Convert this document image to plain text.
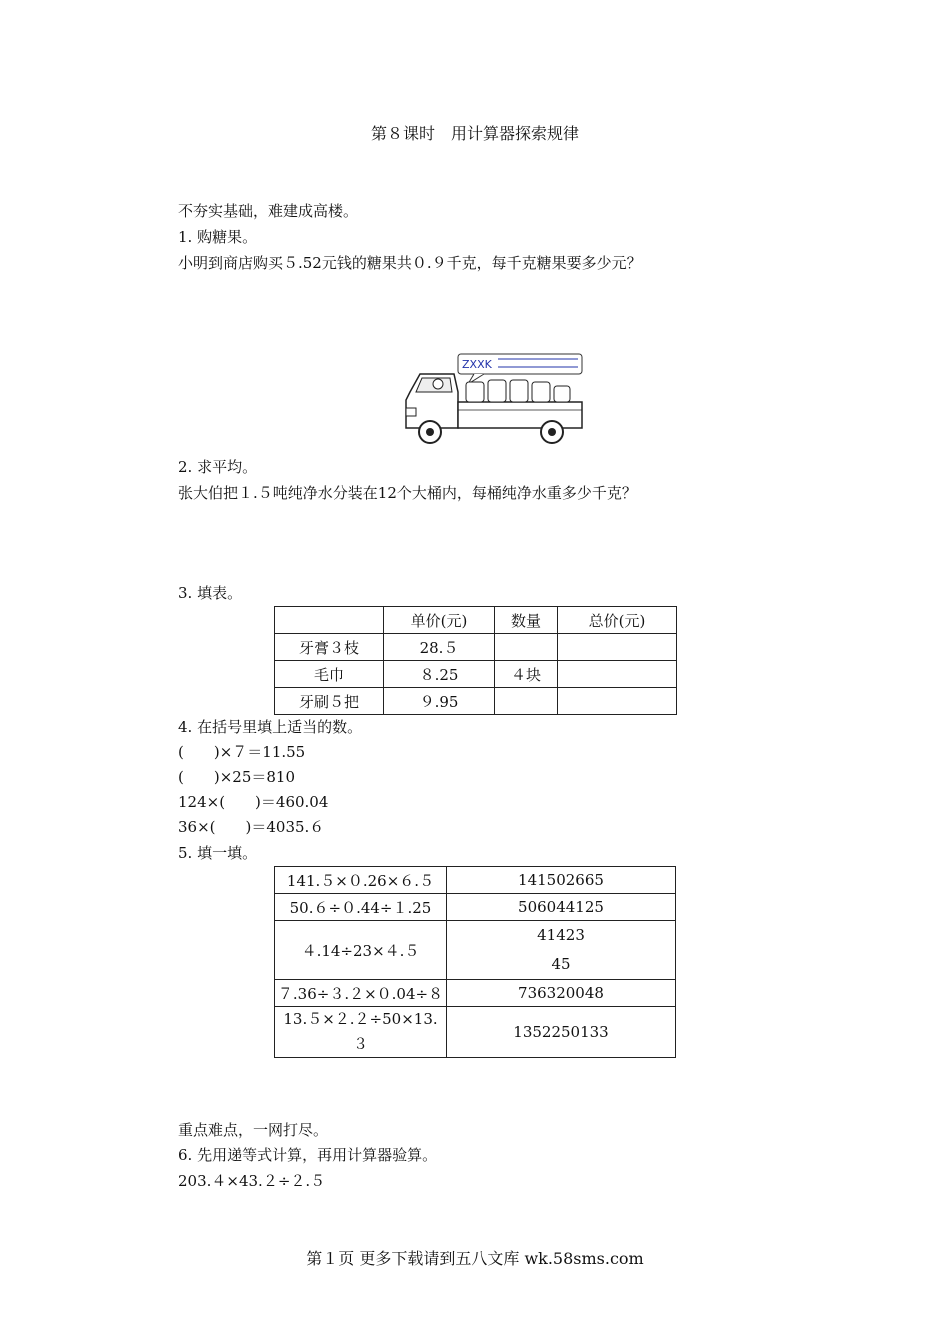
第８课时　用计算器探索规律
不夯实基础，难建成高楼。
1. 购糖果。
小明到商店购买５.52元钱的糖果共０.９千克，每千克糖果要多少元？
ZXXK
2. 求平均。
张大伯把１.５吨纯净水分装在12个大桶内，每桶纯净水重多少千克？
3. 填表。
	单价(元)	数量	总价(元)
牙膏３枝	28.５		
毛巾	８.25	４块	
牙刷５把	９.95		
4. 在括号里填上适当的数。
(　　)×７＝11.55
(　　)×25＝810
124×(　　)＝460.04
36×(　　)＝4035.６
5. 填一填。
141.５×０.26×６.５	141502665
50.６÷０.44÷１.25	506044125
４.14÷23×４.５	41423
45

７.36÷３.２×０.04÷８	736320048

13.５×２.２÷50×13.
３	1352250133
重点难点，一网打尽。
6. 先用递等式计算，再用计算器验算。
203.４×43.２÷２.５
第１页 更多下载请到五八文库 wk.58sms.com
